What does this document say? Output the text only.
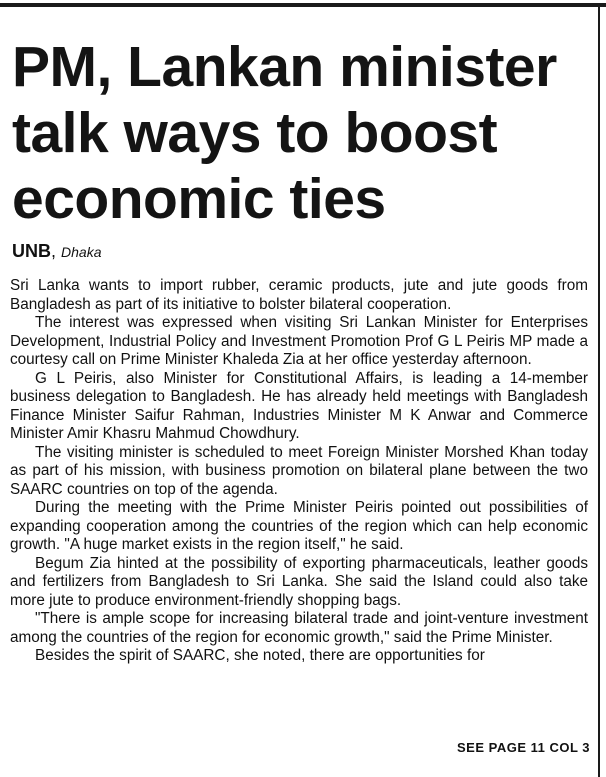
PM, Lankan minister talk ways to boost economic ties
UNB, Dhaka

Sri Lanka wants to import rubber, ceramic products, jute and jute goods from Bangladesh as part of its initiative to bolster bilateral cooperation.

The interest was expressed when visiting Sri Lankan Minister for Enterprises Development, Industrial Policy and Investment Promotion Prof G L Peiris MP made a courtesy call on Prime Minister Khaleda Zia at her office yesterday afternoon.

G L Peiris, also Minister for Constitutional Affairs, is leading a 14-member business delegation to Bangladesh. He has already held meetings with Bangladesh Finance Minister Saifur Rahman, Industries Minister M K Anwar and Commerce Minister Amir Khasru Mahmud Chowdhury.

The visiting minister is scheduled to meet Foreign Minister Morshed Khan today as part of his mission, with business promotion on bilateral plane between the two SAARC countries on top of the agenda.

During the meeting with the Prime Minister Peiris pointed out possibilities of expanding cooperation among the countries of the region which can help economic growth. "A huge market exists in the region itself," he said.

Begum Zia hinted at the possibility of exporting pharmaceuticals, leather goods and fertilizers from Bangladesh to Sri Lanka. She said the Island could also take more jute to produce environment-friendly shopping bags.

"There is ample scope for increasing bilateral trade and joint-venture investment among the countries of the region for economic growth," said the Prime Minister.

Besides the spirit of SAARC, she noted, there are opportunities for

SEE PAGE 11 COL 3
